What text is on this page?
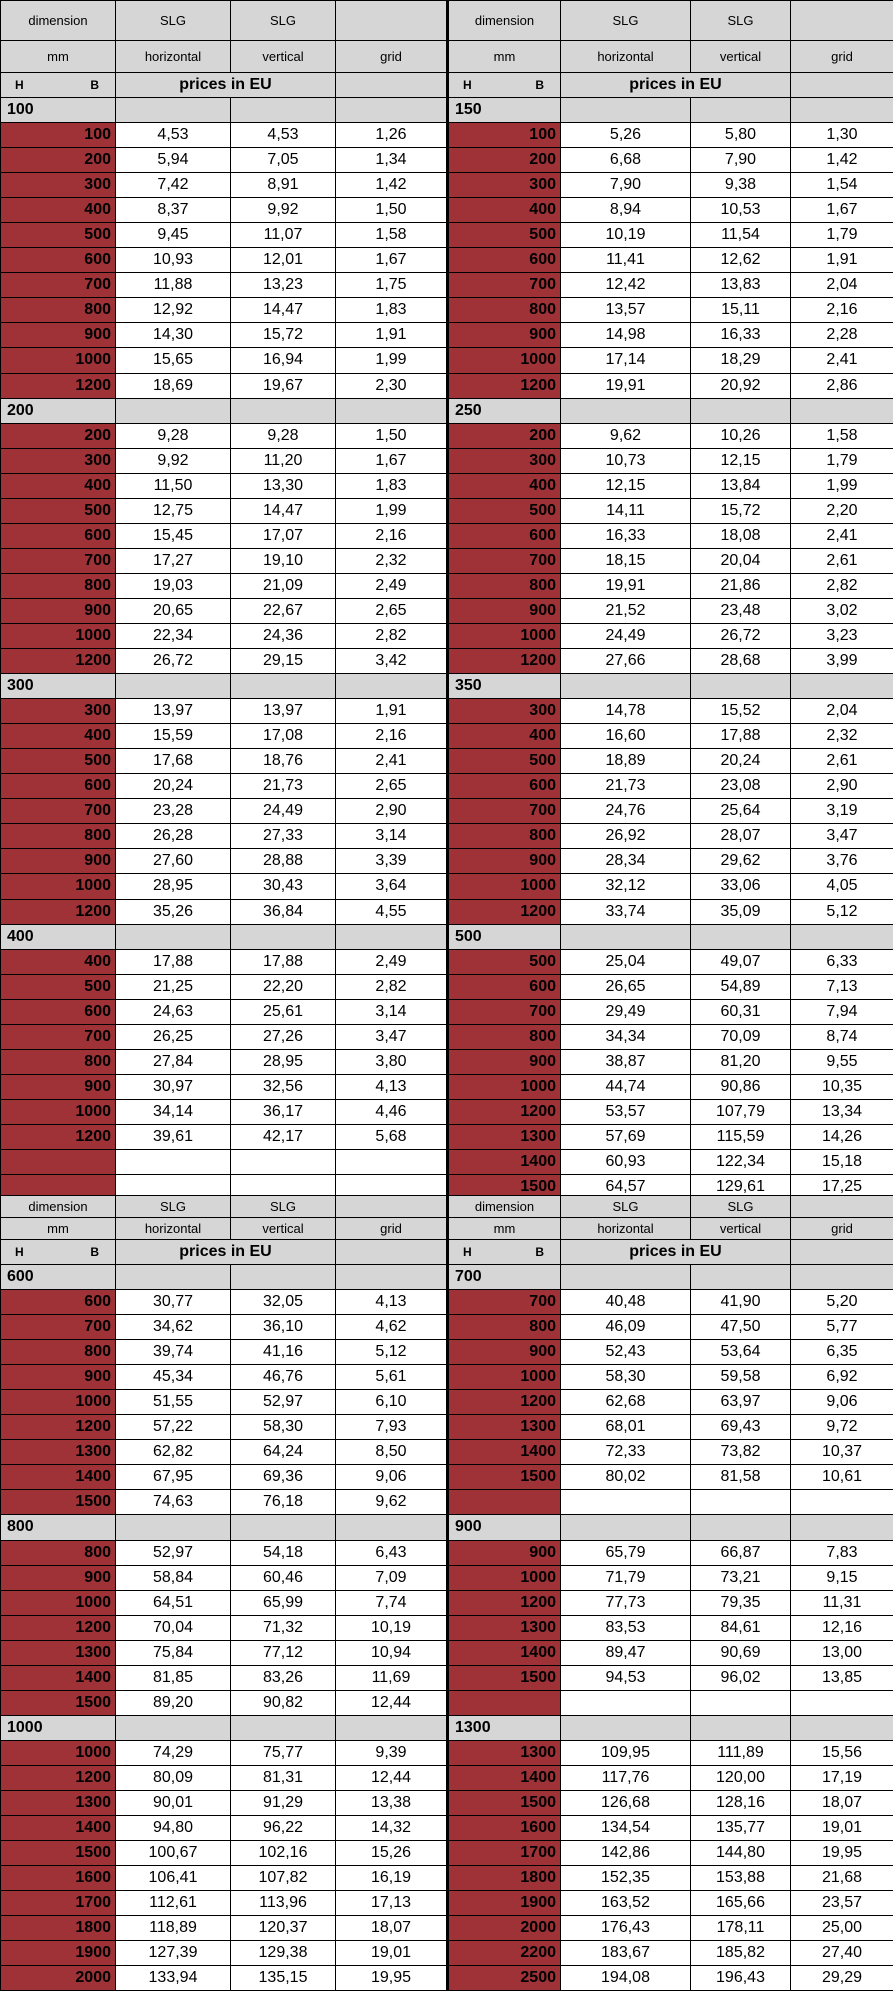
dimension	SLG	SLG		dimension	SLG	SLG	
mm	horizontal	vertical	grid	mm	horizontal	vertical	grid

H B	prices in EU			H B	prices in EU		
100				150			
100	4,53	4,53	1,26	100	5,26	5,80	1,30
200	5,94	7,05	1,34	200	6,68	7,90	1,42
300	7,42	8,91	1,42	300	7,90	9,38	1,54
400	8,37	9,92	1,50	400	8,94	10,53	1,67
500	9,45	11,07	1,58	500	10,19	11,54	1,79
600	10,93	12,01	1,67	600	11,41	12,62	1,91
700	11,88	13,23	1,75	700	12,42	13,83	2,04
800	12,92	14,47	1,83	800	13,57	15,11	2,16
900	14,30	15,72	1,91	900	14,98	16,33	2,28
1000	15,65	16,94	1,99	1000	17,14	18,29	2,41
1200	18,69	19,67	2,30	1200	19,91	20,92	2,86
200				250			
200	9,28	9,28	1,50	200	9,62	10,26	1,58
300	9,92	11,20	1,67	300	10,73	12,15	1,79
400	11,50	13,30	1,83	400	12,15	13,84	1,99
500	12,75	14,47	1,99	500	14,11	15,72	2,20
600	15,45	17,07	2,16	600	16,33	18,08	2,41
700	17,27	19,10	2,32	700	18,15	20,04	2,61
800	19,03	21,09	2,49	800	19,91	21,86	2,82
900	20,65	22,67	2,65	900	21,52	23,48	3,02
1000	22,34	24,36	2,82	1000	24,49	26,72	3,23
1200	26,72	29,15	3,42	1200	27,66	28,68	3,99
300				350			
300	13,97	13,97	1,91	300	14,78	15,52	2,04
400	15,59	17,08	2,16	400	16,60	17,88	2,32
500	17,68	18,76	2,41	500	18,89	20,24	2,61
600	20,24	21,73	2,65	600	21,73	23,08	2,90
700	23,28	24,49	2,90	700	24,76	25,64	3,19
800	26,28	27,33	3,14	800	26,92	28,07	3,47
900	27,60	28,88	3,39	900	28,34	29,62	3,76
1000	28,95	30,43	3,64	1000	32,12	33,06	4,05
1200	35,26	36,84	4,55	1200	33,74	35,09	5,12
400				500			
400	17,88	17,88	2,49	500	25,04	49,07	6,33
500	21,25	22,20	2,82	600	26,65	54,89	7,13
600	24,63	25,61	3,14	700	29,49	60,31	7,94
700	26,25	27,26	3,47	800	34,34	70,09	8,74
800	27,84	28,95	3,80	900	38,87	81,20	9,55
900	30,97	32,56	4,13	1000	44,74	90,86	10,35
1000	34,14	36,17	4,46	1200	53,57	107,79	13,34
1200	39,61	42,17	5,68	1300	57,69	115,59	14,26
				1400	60,93	122,34	15,18
				1500	64,57	129,61	17,25
dimension	SLG	SLG		dimension	SLG	SLG	
mm	horizontal	vertical	grid	mm	horizontal	vertical	grid

H B	prices in EU			H B	prices in EU		
600				700			
600	30,77	32,05	4,13	700	40,48	41,90	5,20
700	34,62	36,10	4,62	800	46,09	47,50	5,77
800	39,74	41,16	5,12	900	52,43	53,64	6,35
900	45,34	46,76	5,61	1000	58,30	59,58	6,92
1000	51,55	52,97	6,10	1200	62,68	63,97	9,06
1200	57,22	58,30	7,93	1300	68,01	69,43	9,72
1300	62,82	64,24	8,50	1400	72,33	73,82	10,37
1400	67,95	69,36	9,06	1500	80,02	81,58	10,61
1500	74,63	76,18	9,62				
800				900			
800	52,97	54,18	6,43	900	65,79	66,87	7,83
900	58,84	60,46	7,09	1000	71,79	73,21	9,15
1000	64,51	65,99	7,74	1200	77,73	79,35	11,31
1200	70,04	71,32	10,19	1300	83,53	84,61	12,16
1300	75,84	77,12	10,94	1400	89,47	90,69	13,00
1400	81,85	83,26	11,69	1500	94,53	96,02	13,85
1500	89,20	90,82	12,44				
1000				1300			
1000	74,29	75,77	9,39	1300	109,95	111,89	15,56
1200	80,09	81,31	12,44	1400	117,76	120,00	17,19
1300	90,01	91,29	13,38	1500	126,68	128,16	18,07
1400	94,80	96,22	14,32	1600	134,54	135,77	19,01
1500	100,67	102,16	15,26	1700	142,86	144,80	19,95
1600	106,41	107,82	16,19	1800	152,35	153,88	21,68
1700	112,61	113,96	17,13	1900	163,52	165,66	23,57
1800	118,89	120,37	18,07	2000	176,43	178,11	25,00
1900	127,39	129,38	19,01	2200	183,67	185,82	27,40
2000	133,94	135,15	19,95	2500	194,08	196,43	29,29
